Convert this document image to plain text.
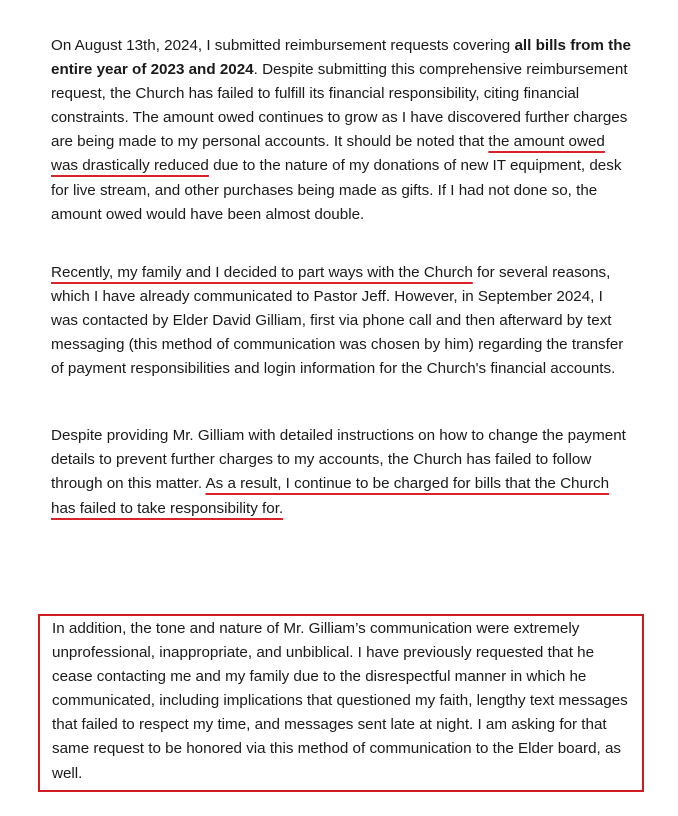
On August 13th, 2024, I submitted reimbursement requests covering all bills from the entire year of 2023 and 2024. Despite submitting this comprehensive reimbursement request, the Church has failed to fulfill its financial responsibility, citing financial constraints. The amount owed continues to grow as I have discovered further charges are being made to my personal accounts. It should be noted that the amount owed was drastically reduced due to the nature of my donations of new IT equipment, desk for live stream, and other purchases being made as gifts. If I had not done so, the amount owed would have been almost double.

Recently, my family and I decided to part ways with the Church for several reasons, which I have already communicated to Pastor Jeff. However, in September 2024, I was contacted by Elder David Gilliam, first via phone call and then afterward by text messaging (this method of communication was chosen by him) regarding the transfer of payment responsibilities and login information for the Church's financial accounts.

Despite providing Mr. Gilliam with detailed instructions on how to change the payment details to prevent further charges to my accounts, the Church has failed to follow through on this matter. As a result, I continue to be charged for bills that the Church has failed to take responsibility for.

In addition, the tone and nature of Mr. Gilliam’s communication were extremely unprofessional, inappropriate, and unbiblical. I have previously requested that he cease contacting me and my family due to the disrespectful manner in which he communicated, including implications that questioned my faith, lengthy text messages that failed to respect my time, and messages sent late at night. I am asking for that same request to be honored via this method of communication to the Elder board, as well.
